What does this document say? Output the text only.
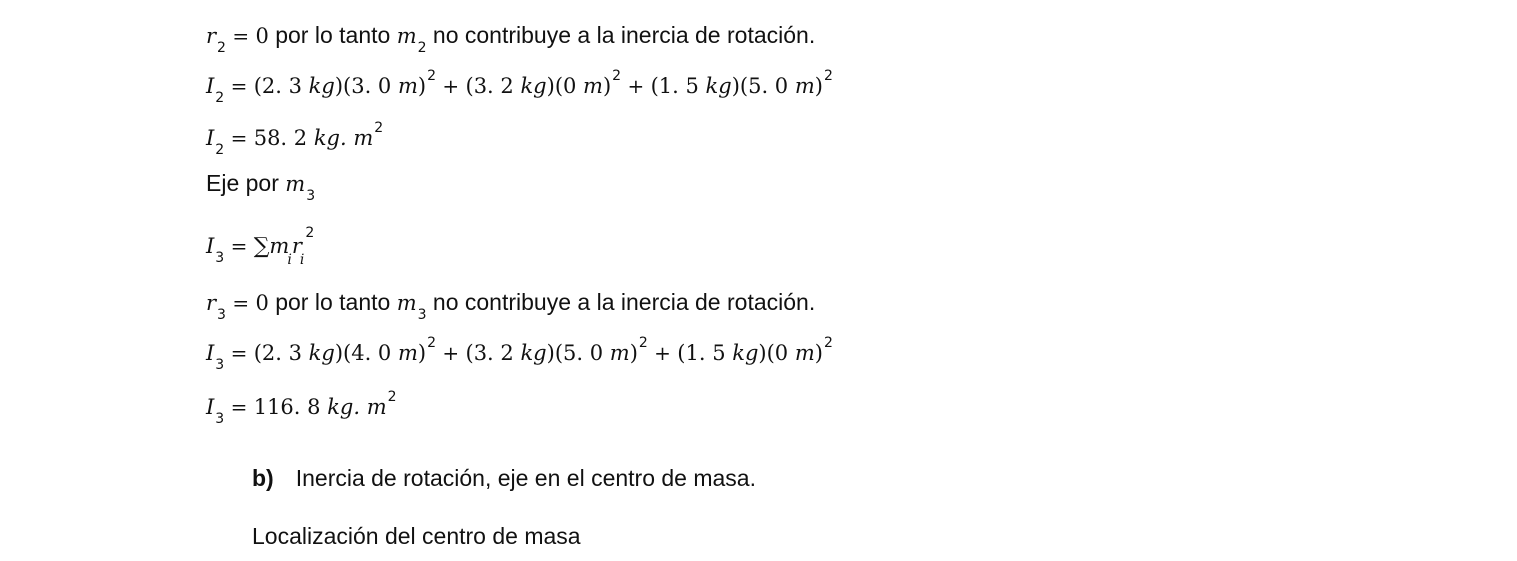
$r_2 = 0$ por lo tanto $m_2$ no contribuye a la inercia de rotación.
$I_2 = (2$. 3 kg)(3. 0 m)$^2$ + (3. 2 kg)(0 m)$^2$ + (1. 5 kg)(5. 0 m)$^2$
$I_2 = 58$. 2 kg. $m^2$
Eje por $m_3$
$I_3 = \sum m_ir_i^2$
$r_3 = 0$ por lo tanto $m_3$ no contribuye a la inercia de rotación.
$I_3 = (2$. 3 kg)(4. 0 m)$^2$ + (3. 2 kg)(5. 0 m)$^2$ + (1. 5 kg)(0 m)$^2$
$I_3 = 116$. 8 kg. $m^2$
b) Inercia de rotación, eje en el centro de masa.
Localización del centro de masa
